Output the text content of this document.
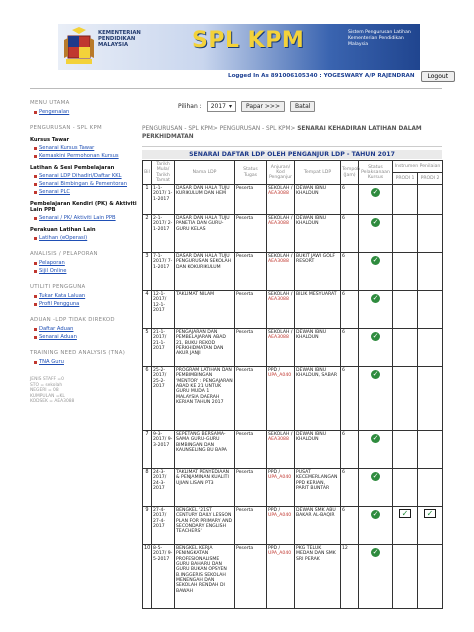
KEMENTERIAN
PENDIDIKAN
MALAYSIA	SPL KPM	Sistem Pengurusan Latihan Kementerian Pendidikan Malaysia
Logged In As 891006105340 : YOGESWARY A/P RAJENDRAN	Logout
MENU UTAMA
Pengenalan
PENGURUSAN - SPL KPM
Kursus Tawar
Senarai Kursus Tawar
Kemaskini Permohonan Kursus
Latihan & Sesi Pembelajaran
Senarai LDP Dihadiri/Daftar KKL
Senarai Bimbingan & Pementoran
Senarai PLC
Pembelajaran Kendiri (PK) & Aktiviti Lain PPB
Senarai / PK/ Aktiviti Lain PPB
Perakuan Latihan Lain
Latihan (eOperasi)
ANALISIS / PELAPORAN
Pelaporan
Sijil Online
UTILITI PENGGUNA
Tukar Kata Laluan
Profil Pengguna
ADUAN -LDP TIDAK DIREKOD
Daftar Aduan
Senarai Aduan
TRAINING NEED ANALYSIS (TNA)
TNA Guru
JENIS STAFF =0
STO = sekolah
NEGERI = 08
KUMPULAN =KL
KODSEK = AEA3088
Pilihan : 2017 ▾	Papar >>>	Batal
PENGURUSAN - SPL KPM> PENGURUSAN - SPL KPM> SENARAI KEHADIRAN LATIHAN DALAM PERKHIDMATAN
SENARAI DAFTAR LDP OLEH PENGANJUR LDP - TAHUN 2017
Bil	Tarikh Mula/ Tarikh Tamat	Nama LDP	Status Tugas	Anjuran/ Kod Penganjur	Tempat LDP	Tempoh (Jam)	Status Pelaksanaan Kursus	Instrumen Penilaian	
								PRODI 1	PRODI 2
1	1-1-2017/ 1-1-2017	DASAR DAN HALA TUJU KURIKULUM DAN HEM	Peserta	SEKOLAH /
AEA3088	DEWAN IBNU KHALDUN	6	✓		

2	2-1-2017/ 2-1-2017	DASAR DAN HALA TUJU PANETIA DAN GURU-GURU KELAS	Peserta	SEKOLAH /
AEA3088	DEWAN IBNU KHALDUN	6	✓		

3	7-1-2017/ 7-1-2017	DASAR DAN HALA TUJU PENGURUSAN SEKOLAH DAN KOKURIKULUM	Peserta	SEKOLAH /
AEA3088	BUKIT JAWI GOLF RESORT	6	✓		

4	12-1-2017/ 12-1-2017	TAKLIMAT NILAM	Peserta	SEKOLAH /
AEA3088	BILIK MESYUARAT	6	✓		

5	21-1-2017/ 21-1-2017	PENGAJARAN DAN PEMBELAJARAN ABAD 21, BUKU REKOD PERKHIDMATAN DAN AKUR JANJI	Peserta	SEKOLAH /
AEA3088	DEWAN IBNU KHALDUN	6	✓		

6	25-2-2017/ 25-2-2017	PROGRAM LATIHAN DAN PEMBIMBINGAN 'MENTOR' : PENGAJARAN ABAD KE 21 UNTUK GURU MUDA 1 MALAYSIA DAERAH KERIAN TAHUN 2017	Peserta	PPD /
UPA_A040	DEWAN IBNU KHALDUN, SABAR	6	✓		

7	9-3-2017/ 9-3-2017	SEPETANG BERSAMA-SAMA GURU-GURU BIMBINGAN DAN KAUNSELING BU BAPA	Peserta	SEKOLAH /
AEA3088	DEWAN IBNU KHALDUN	6	✓		

8	24-3-2017/ 24-3-2017	TAKLIMAT PENYEDIAAN & PENJAMINAN KUALITI UJIAN LISAN PT3	Peserta	PPD /
UPA_A040	PUSAT KECEMERLANGAN PPD KERIAN, PARIT BUNTAR	6	✓		

9	27-4-2017/ 27-4-2017	BENGKEL '21ST CENTURY DAILY LESSON PLAN FOR PRIMARY AND SECONDARY ENGLISH TEACHERS'	Peserta	PPD /
UPA_A040	DEWAN SMK ABU BAKAR AL-BAQIR	6	✓	✓	✓

10	8-5-2017/ 9-5-2017	BENGKEL KERJA PENINGKATAN PROFESIONALISME GURU BAHARU DAN GURU BUKAN OPSYEN B.INGGERIS SEKOLAH MENENGAH DAN SEKOLAH RENDAH DI BAWAH	Peserta	PPD /
UPA_A040	PKG TELUK MEDAN DAN SMK SRI PERAK	12	✓		
